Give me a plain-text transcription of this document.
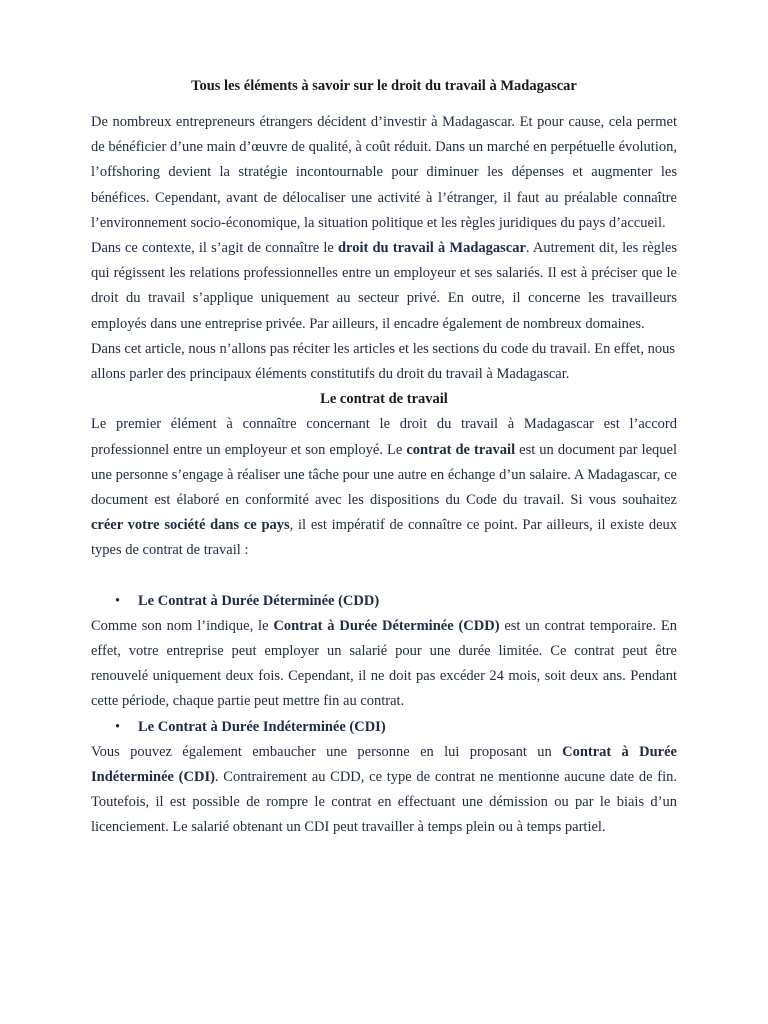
Tous les éléments à savoir sur le droit du travail à Madagascar

De nombreux entrepreneurs étrangers décident d’investir à Madagascar. Et pour cause, cela permet de bénéficier d’une main d’œuvre de qualité, à coût réduit. Dans un marché en perpétuelle évolution, l’offshoring devient la stratégie incontournable pour diminuer les dépenses et augmenter les bénéfices. Cependant, avant de délocaliser une activité à l’étranger, il faut au préalable connaître l’environnement socio-économique, la situation politique et les règles juridiques du pays d’accueil.

Dans ce contexte, il s’agit de connaître le droit du travail à Madagascar. Autrement dit, les règles qui régissent les relations professionnelles entre un employeur et ses salariés. Il est à préciser que le droit du travail s’applique uniquement au secteur privé. En outre, il concerne les travailleurs employés dans une entreprise privée. Par ailleurs, il encadre également de nombreux domaines.

Dans cet article, nous n’allons pas réciter les articles et les sections du code du travail. En effet, nous allons parler des principaux éléments constitutifs du droit du travail à Madagascar.

Le contrat de travail

Le premier élément à connaître concernant le droit du travail à Madagascar est l’accord professionnel entre un employeur et son employé. Le contrat de travail est un document par lequel une personne s’engage à réaliser une tâche pour une autre en échange d’un salaire. A Madagascar, ce document est élaboré en conformité avec les dispositions du Code du travail. Si vous souhaitez créer votre société dans ce pays, il est impératif de connaître ce point. Par ailleurs, il existe deux types de contrat de travail :

• Le Contrat à Durée Déterminée (CDD)

Comme son nom l’indique, le Contrat à Durée Déterminée (CDD) est un contrat temporaire. En effet, votre entreprise peut employer un salarié pour une durée limitée. Ce contrat peut être renouvelé uniquement deux fois. Cependant, il ne doit pas excéder 24 mois, soit deux ans. Pendant cette période, chaque partie peut mettre fin au contrat.

• Le Contrat à Durée Indéterminée (CDI)

Vous pouvez également embaucher une personne en lui proposant un Contrat à Durée Indéterminée (CDI). Contrairement au CDD, ce type de contrat ne mentionne aucune date de fin. Toutefois, il est possible de rompre le contrat en effectuant une démission ou par le biais d’un licenciement. Le salarié obtenant un CDI peut travailler à temps plein ou à temps partiel.
